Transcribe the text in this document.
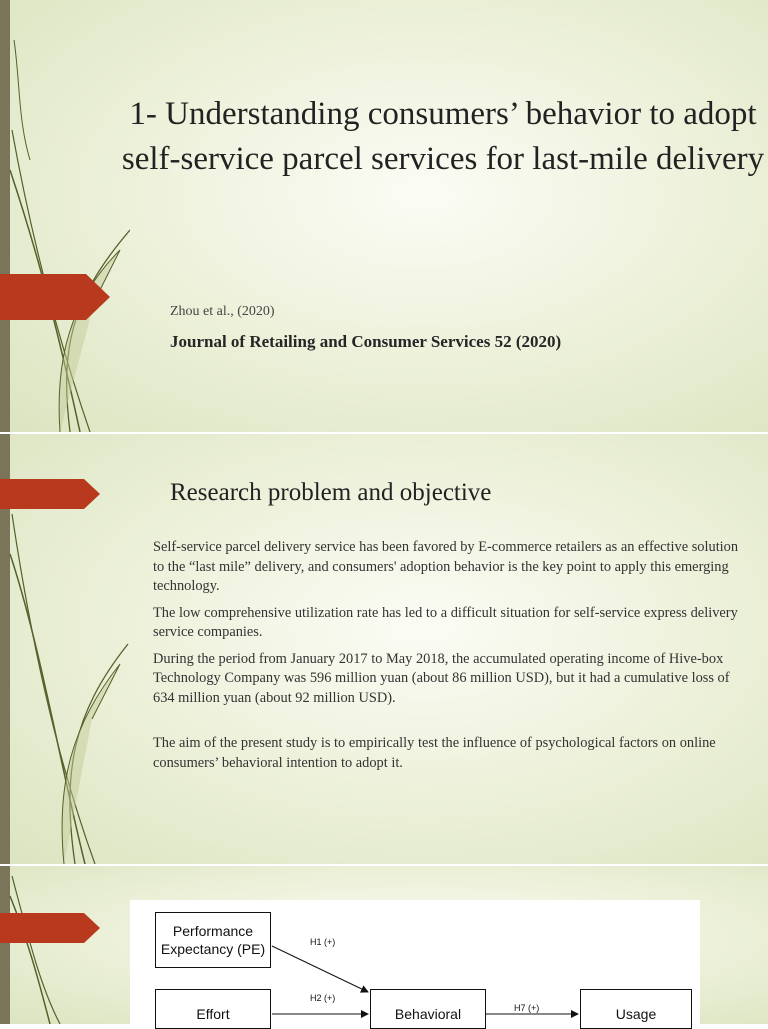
1- Understanding consumers’ behavior to adopt self-service parcel services for last-mile delivery
Zhou et al., (2020)
Journal of Retailing and Consumer Services 52 (2020)
Research problem and objective

Self-service parcel delivery service has been favored by E-commerce retailers as an effective solution to the “last mile” delivery, and consumers' adoption behavior is the key point to apply this emerging technology.

The low comprehensive utilization rate has led to a difficult situation for self-service express delivery service companies.

During the period from January 2017 to May 2018, the accumulated operating income of Hive-box Technology Company was 596 million yuan (about 86 million USD), but it had a cumulative loss of 634 million yuan (about 92 million USD).

The aim of the present study is to empirically test the influence of psychological factors on online consumers’ behavioral intention to adopt it.

Performance Expectancy (PE)
Effort	Behavioral	Usage
H1 (+)
H2 (+)
H7 (+)
